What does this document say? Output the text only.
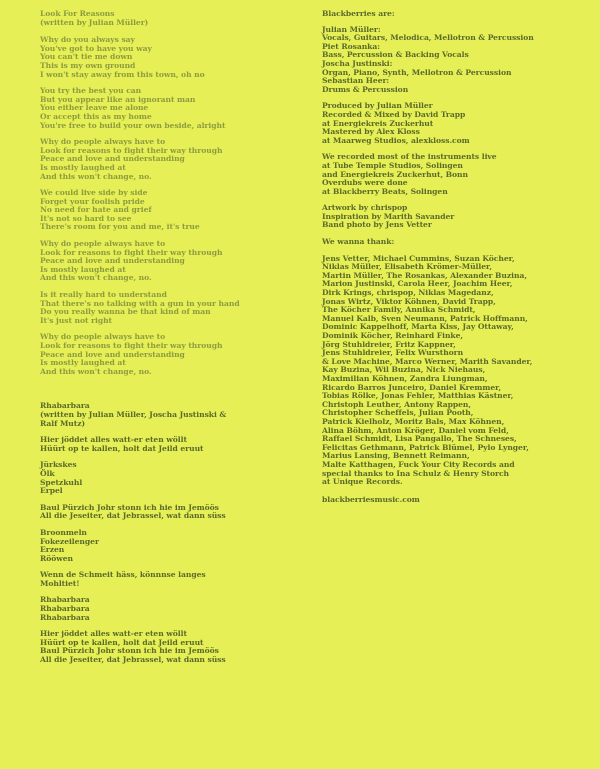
Look For Reasons
(written by Julian Müller)
Why do you always say
You've got to have you way
You can't tie me down
This is my own ground
I won't stay away from this town, oh no
You try the best you can
But you appear like an ignorant man
You either leave me alone
Or accept this as my home
You're free to build your own beside, alright
Why do people always have to
Look for reasons to fight their way through
Peace and love and understanding
Is mostly laughed at
And this won't change, no.
We could live side by side
Forget your foolish pride
No need for hate and grief
It's not so hard to see
There's room for you and me, it's true
Why do people always have to
Look for reasons to fight their way through
Peace and love and understanding
Is mostly laughed at
And this won't change, no.
Is it really hard to understand
That there's no talking with a gun in your hand
Do you really wanna be that kind of man
It's just not right
Why do people always have to
Look for reasons to fight their way through
Peace and love and understanding
Is mostly laughed at
And this won't change, no.
Rhabarbara
(written by Julian Müller, Joscha Justinski &
Ralf Mutz)
Hier jöddet alles watt-er eten wöllt
Hüürt op te kallen, holt dat Jeild eruut
Jürkskes
Ölk
Spetzkuhl
Erpel
Baul Pürzich Johr stonn ich hie im Jemöös
All die Jeseiter, dat Jebrassel, wat dann süss
Broonmeln
Fokezeilenger
Erzen
Rööwen
Wenn de Schmeit häss, könnnse langes
Mohltiet!
Rhabarbara
Rhabarbara
Rhabarbara
Hier jöddet alles watt-er eten wöllt
Hüürt op te kallen, holt dat Jeild eruut
Baul Pürzich Johr stonn ich hie im Jemöös
All die Jeseiter, dat Jebrassel, wat dann süss
Blackberries are:
Julian Müller:
Vocals, Guitars, Melodica, Mellotron & Percussion
Piet Rosanka:
Bass, Percussion & Backing Vocals
Joscha Justinski:
Organ, Piano, Synth, Mellotron & Percussion
Sebastian Heer:
Drums & Percussion
Produced by Julian Müller
Recorded & Mixed by David Trapp
at Energiekreis Zuckerhut
Mastered by Alex Kloss
at Maarweg Studios, alexkloss.com
We recorded most of the instruments live
at Tube Temple Studios, Solingen
and Energiekreis Zuckerhut, Bonn
Overdubs were done
at Blackberry Beats, Solingen
Artwork by chrispop
Inspiration by Marith Savander
Band photo by Jens Vetter
We wanna thank:
Jens Vetter, Michael Cummins, Suzan Köcher,
Niklas Müller, Elisabeth Krömer-Müller,
Martin Müller, The Rosankas, Alexander Buzina,
Marion Justinski, Carola Heer, Joachim Heer,
Dirk Krings, chrispop, Niklas Magedanz,
Jonas Wirtz, Viktor Köhnen, David Trapp,
The Köcher Family, Annika Schmidt,
Manuel Kalb, Sven Neumann, Patrick Hoffmann,
Dominic Kappelhoff, Marta Kiss, Jay Ottaway,
Dominik Köcher, Reinhard Finke,
Jörg Stuhldreier, Fritz Kappner,
Jens Stuhldreier, Felix Wursthorn
& Love Machine, Marco Werner, Marith Savander,
Kay Buzina, Wil Buzina, Nick Niehaus,
Maximilian Köhnen, Zandra Liungman,
Ricardo Barros Junceiro, Daniel Kremmer,
Tobias Rölke, Jonas Fehler, Matthias Kästner,
Christoph Leuther, Antony Rappen,
Christopher Scheffels, Julian Pooth,
Patrick Kielholz, Moritz Bals, Max Köhnen,
Alina Böhm, Anton Kröger, Daniel vom Feld,
Raffael Schmidt, Lisa Pangallo, The Schneses,
Felicitas Gethmann, Patrick Blümel, Pylo Lynger,
Marius Lansing, Bennett Reimann,
Malte Katthagen, Fuck Your City Records and
special thanks to Ina Schulz & Henry Storch
at Unique Records.
blackberriesmusic.com
